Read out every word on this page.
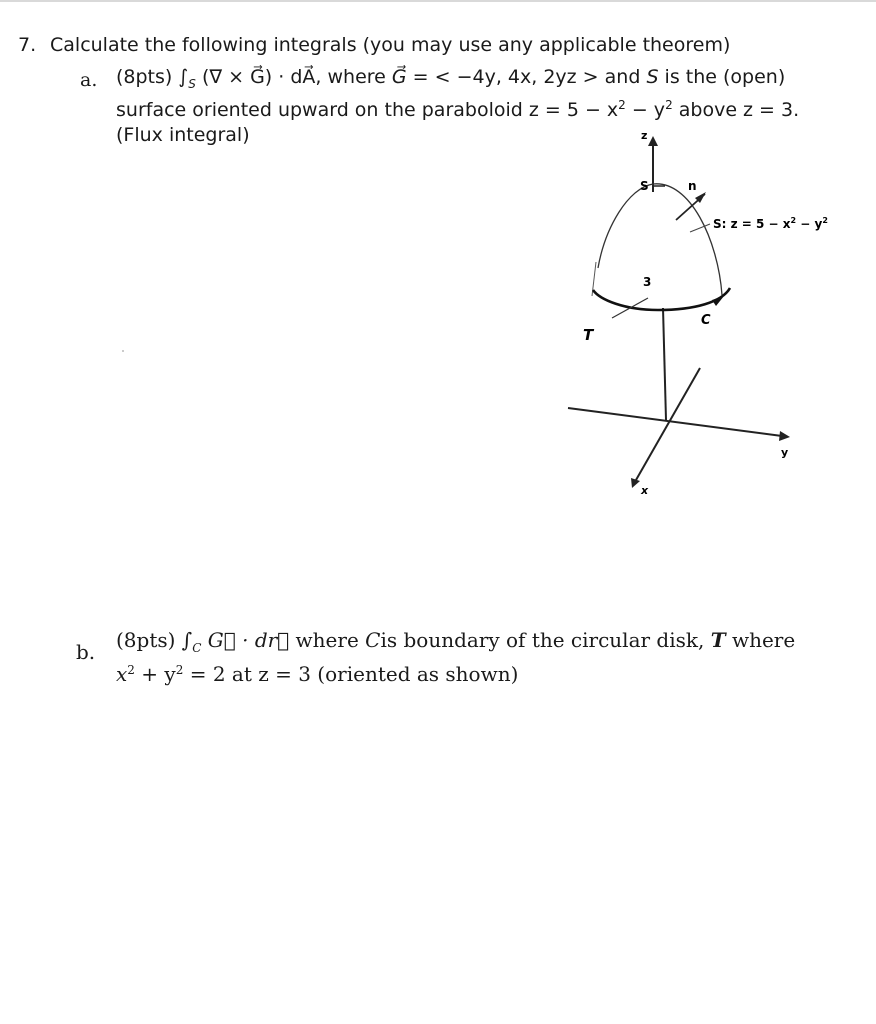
7. Calculate the following integrals (you may use any applicable theorem)
a. (8pts) $\int_S$ (∇ × G⃗) · dA⃗, where G⃗ = < −4y, 4x, 2yz > and S is the (open)
surface oriented upward on the paraboloid $z = 5 - x^2 - y^2$ above z = 3.
(Flux integral)	z
S	n
S: $z = 5 - x^2 - y^2$
3
C
T
y
x
b. (8pts) $\int_C$ G⃗ · dr⃗ where Cis boundary of the circular disk, T where
$x^2 + y^2 = 2$ at z = 3 (oriented as shown)
